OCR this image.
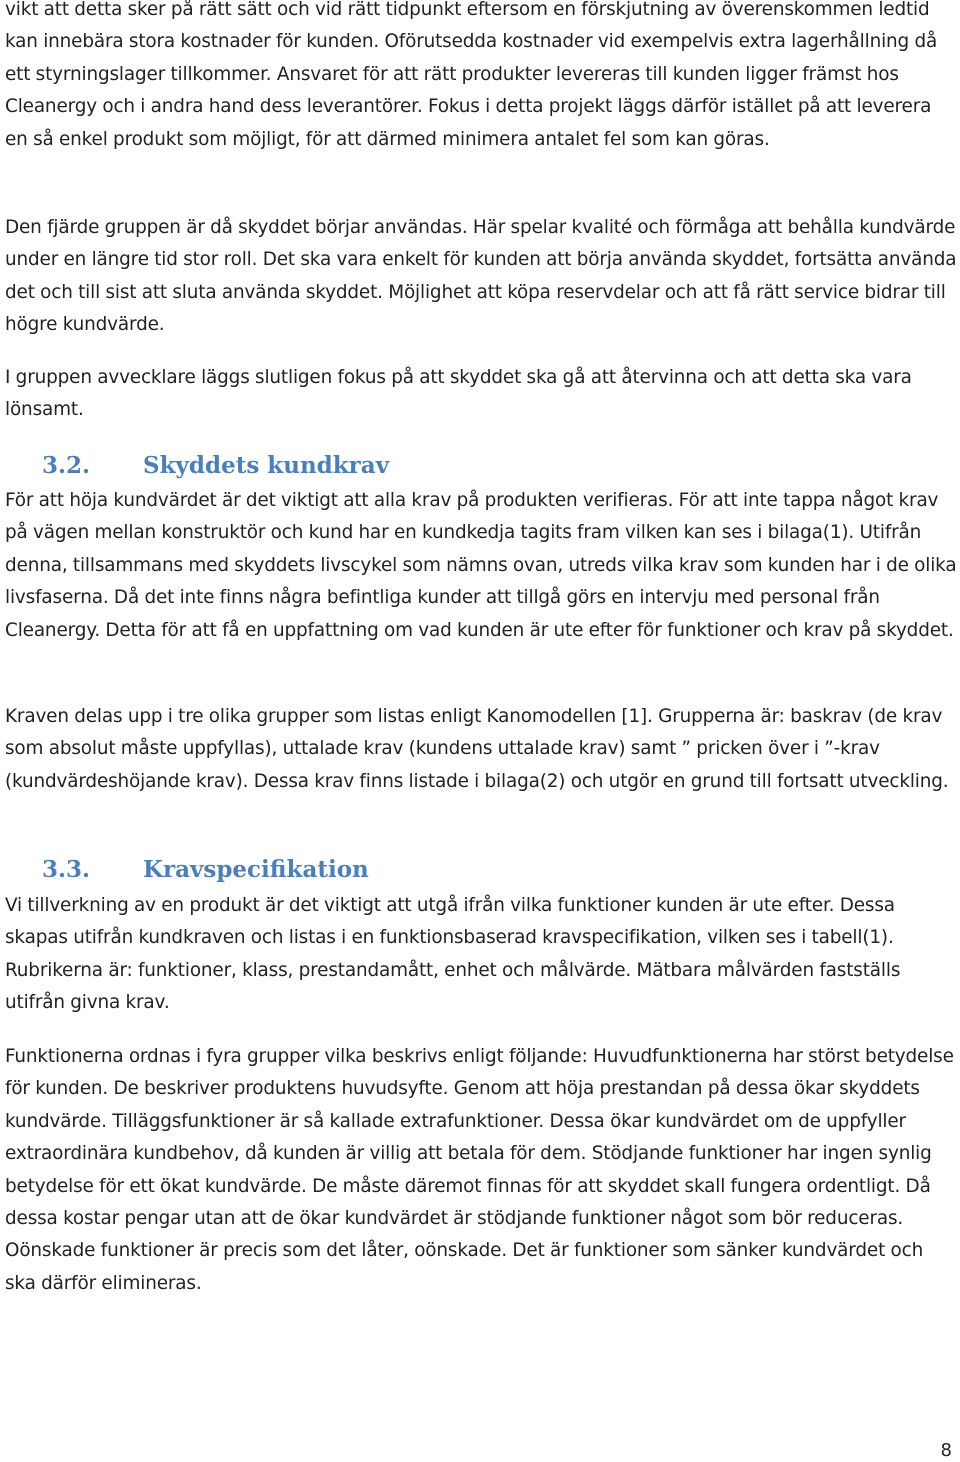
vikt att detta sker på rätt sätt och vid rätt tidpunkt eftersom en förskjutning av överenskommen ledtid kan innebära stora kostnader för kunden. Oförutsedda kostnader vid exempelvis extra lagerhållning då ett styrningslager tillkommer. Ansvaret för att rätt produkter levereras till kunden ligger främst hos Cleanergy och i andra hand dess leverantörer. Fokus i detta projekt läggs därför istället på att leverera en så enkel produkt som möjligt, för att därmed minimera antalet fel som kan göras.

Den fjärde gruppen är då skyddet börjar användas. Här spelar kvalité och förmåga att behålla kundvärde under en längre tid stor roll. Det ska vara enkelt för kunden att börja använda skyddet, fortsätta använda det och till sist att sluta använda skyddet. Möjlighet att köpa reservdelar och att få rätt service bidrar till högre kundvärde.

I gruppen avvecklare läggs slutligen fokus på att skyddet ska gå att återvinna och att detta ska vara lönsamt.

3.2. Skyddets kundkrav

För att höja kundvärdet är det viktigt att alla krav på produkten verifieras. För att inte tappa något krav på vägen mellan konstruktör och kund har en kundkedja tagits fram vilken kan ses i bilaga(1). Utifrån denna, tillsammans med skyddets livscykel som nämns ovan, utreds vilka krav som kunden har i de olika livsfaserna. Då det inte finns några befintliga kunder att tillgå görs en intervju med personal från Cleanergy. Detta för att få en uppfattning om vad kunden är ute efter för funktioner och krav på skyddet.

Kraven delas upp i tre olika grupper som listas enligt Kanomodellen [1]. Grupperna är: baskrav (de krav som absolut måste uppfyllas), uttalade krav (kundens uttalade krav) samt ” pricken över i ”-krav (kundvärdeshöjande krav). Dessa krav finns listade i bilaga(2) och utgör en grund till fortsatt utveckling.

3.3. Kravspecifikation

Vi tillverkning av en produkt är det viktigt att utgå ifrån vilka funktioner kunden är ute efter. Dessa skapas utifrån kundkraven och listas i en funktionsbaserad kravspecifikation, vilken ses i tabell(1). Rubrikerna är: funktioner, klass, prestandamått, enhet och målvärde. Mätbara målvärden fastställs utifrån givna krav.

Funktionerna ordnas i fyra grupper vilka beskrivs enligt följande: Huvudfunktionerna har störst betydelse för kunden. De beskriver produktens huvudsyfte. Genom att höja prestandan på dessa ökar skyddets kundvärde. Tilläggsfunktioner är så kallade extrafunktioner. Dessa ökar kundvärdet om de uppfyller extraordinära kundbehov, då kunden är villig att betala för dem. Stödjande funktioner har ingen synlig betydelse för ett ökat kundvärde. De måste däremot finnas för att skyddet skall fungera ordentligt. Då dessa kostar pengar utan att de ökar kundvärdet är stödjande funktioner något som bör reduceras. Oönskade funktioner är precis som det låter, oönskade. Det är funktioner som sänker kundvärdet och ska därför elimineras.

8
